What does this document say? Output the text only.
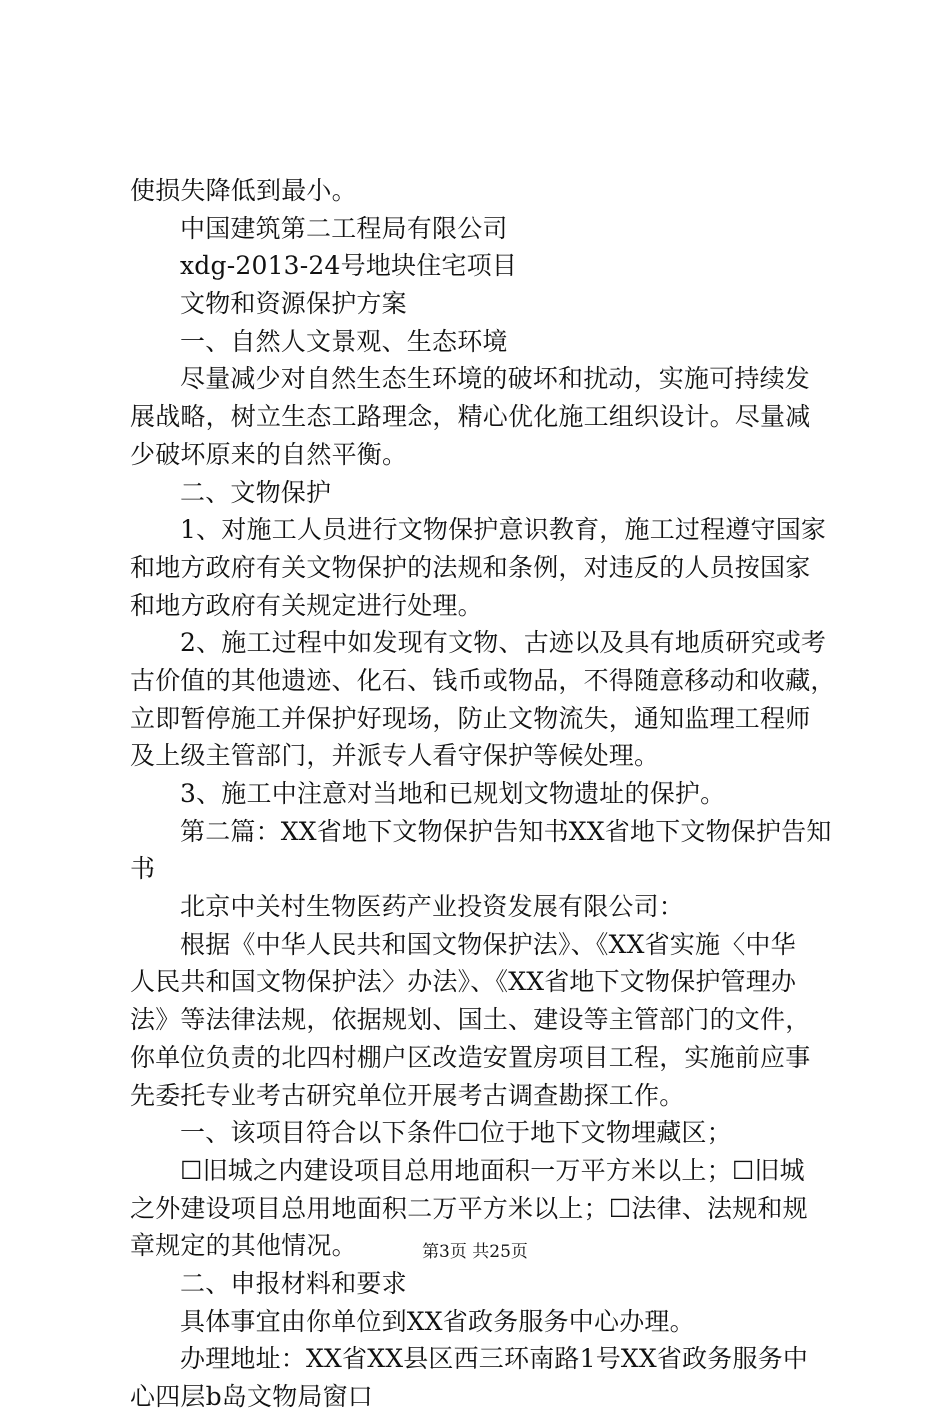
使损失降低到最小。
中国建筑第二工程局有限公司
xdg-2013-24号地块住宅项目
文物和资源保护方案
一、自然人文景观、生态环境
尽量减少对自然生态生环境的破坏和扰动，实施可持续发
展战略，树立生态工路理念，精心优化施工组织设计。尽量减
少破坏原来的自然平衡。
二、文物保护
1、对施工人员进行文物保护意识教育，施工过程遵守国家
和地方政府有关文物保护的法规和条例，对违反的人员按国家
和地方政府有关规定进行处理。
2、施工过程中如发现有文物、古迹以及具有地质研究或考
古价值的其他遗迹、化石、钱币或物品，不得随意移动和收藏，
立即暂停施工并保护好现场，防止文物流失，通知监理工程师
及上级主管部门，并派专人看守保护等候处理。
3、施工中注意对当地和已规划文物遗址的保护。
第二篇：XX省地下文物保护告知书XX省地下文物保护告知
书
北京中关村生物医药产业投资发展有限公司：
根据《中华人民共和国文物保护法》、《XX省实施〈中华
人民共和国文物保护法〉办法》、《XX省地下文物保护管理办
法》等法律法规，依据规划、国土、建设等主管部门的文件，
你单位负责的北四村棚户区改造安置房项目工程，实施前应事
先委托专业考古研究单位开展考古调查勘探工作。
一、该项目符合以下条件☐位于地下文物埋藏区；
☐旧城之内建设项目总用地面积一万平方米以上；☐旧城
之外建设项目总用地面积二万平方米以上；☐法律、法规和规
章规定的其他情况。
二、申报材料和要求
具体事宜由你单位到XX省政务服务中心办理。
办理地址：XX省XX县区西三环南路1号XX省政务服务中
心四层b岛文物局窗口
第3页 共25页
